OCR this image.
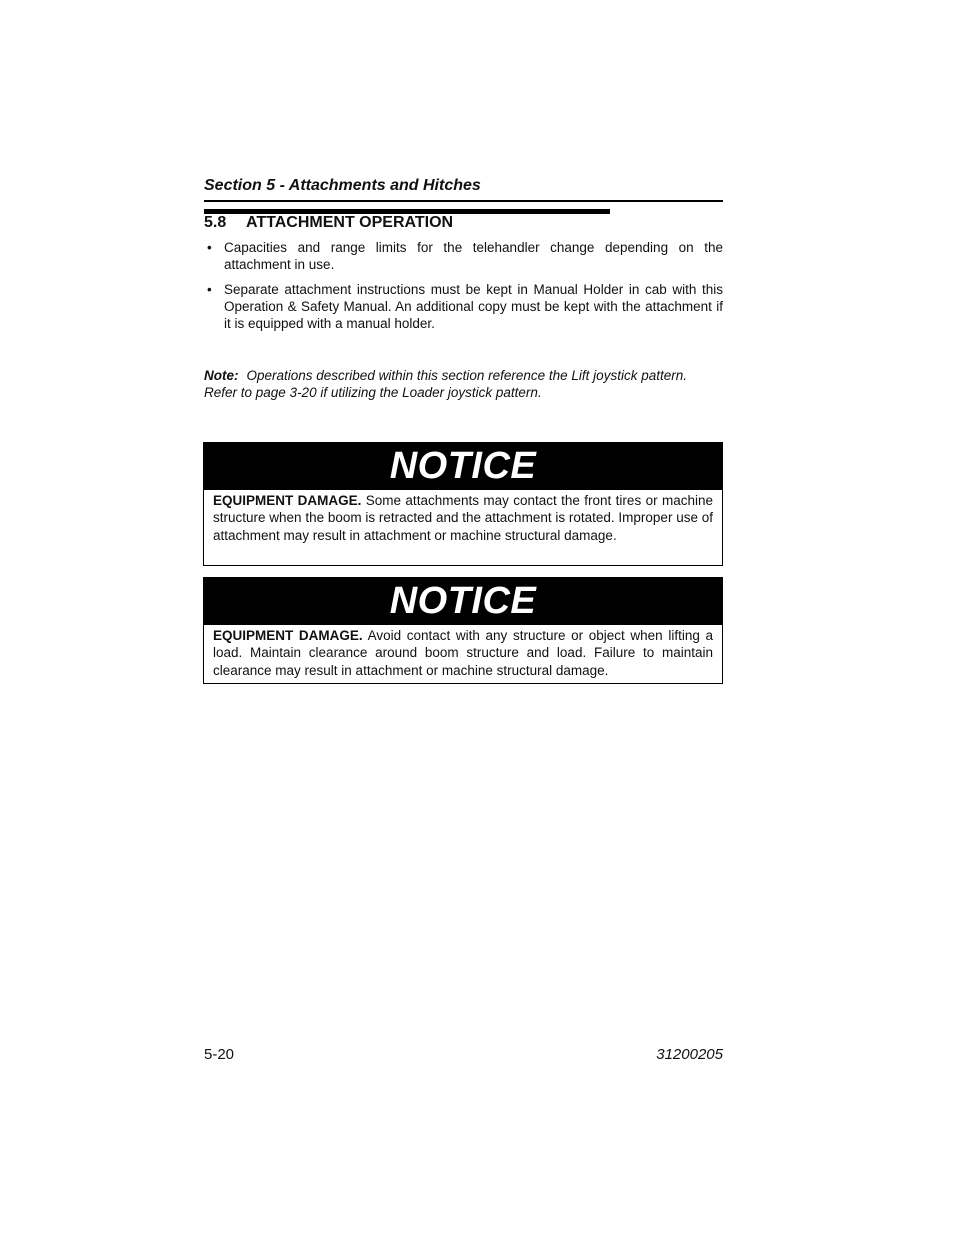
Section 5 - Attachments and Hitches
5.8 ATTACHMENT OPERATION
• Capacities and range limits for the telehandler change depending on the attachment in use.
• Separate attachment instructions must be kept in Manual Holder in cab with this Operation & Safety Manual. An additional copy must be kept with the attachment if it is equipped with a manual holder.

Note: Operations described within this section reference the Lift joystick pattern. Refer to page 3-20 if utilizing the Loader joystick pattern.

NOTICE
EQUIPMENT DAMAGE. Some attachments may contact the front tires or machine structure when the boom is retracted and the attachment is rotated. Improper use of attachment may result in attachment or machine structural damage.
NOTICE
EQUIPMENT DAMAGE. Avoid contact with any structure or object when lifting a load. Maintain clearance around boom structure and load. Failure to maintain clearance may result in attachment or machine structural damage.
5-20	31200205
